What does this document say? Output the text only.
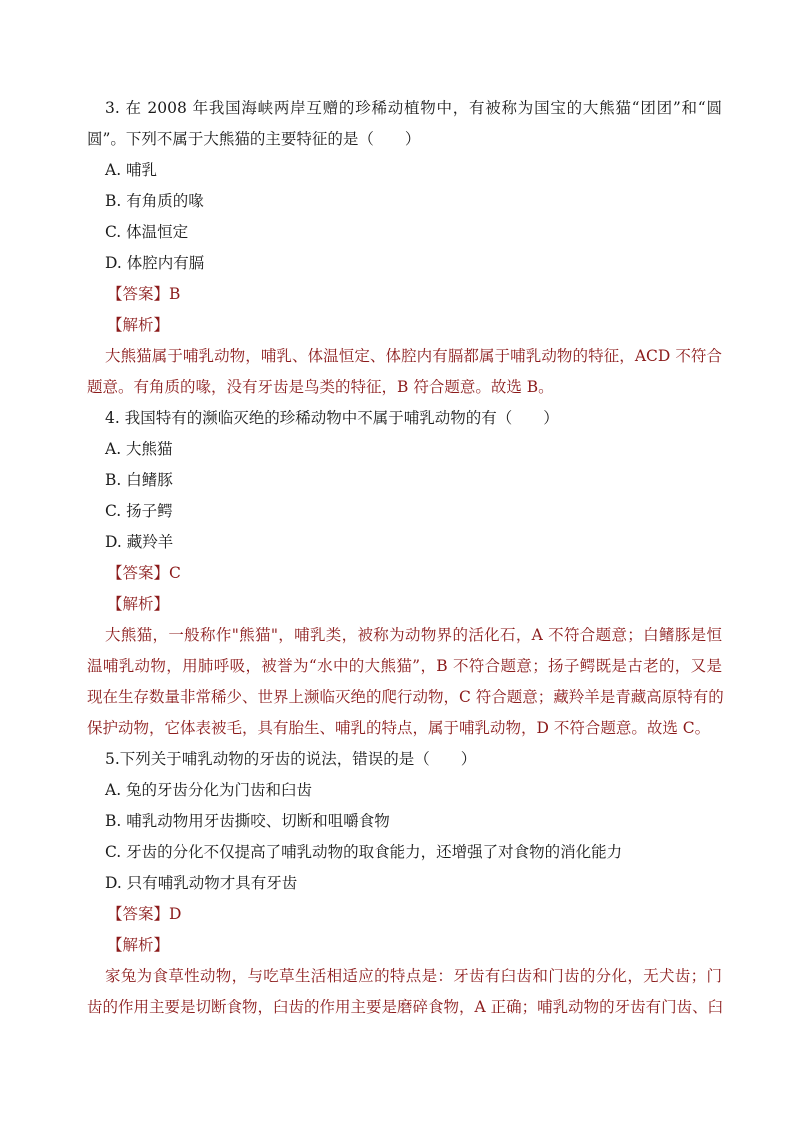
3. 在 2008 年我国海峡两岸互赠的珍稀动植物中，有被称为国宝的大熊猫“团团”和“圆
圆”。下列不属于大熊猫的主要特征的是（　　）
A. 哺乳
B. 有角质的喙
C. 体温恒定
D. 体腔内有膈
【答案】B
【解析】
大熊猫属于哺乳动物，哺乳、体温恒定、体腔内有膈都属于哺乳动物的特征，ACD 不符合
题意。有角质的喙，没有牙齿是鸟类的特征，B 符合题意。故选 B。
4. 我国特有的濒临灭绝的珍稀动物中不属于哺乳动物的有（　　）
A. 大熊猫
B. 白鳍豚
C. 扬子鳄
D. 藏羚羊
【答案】C
【解析】
大熊猫，一般称作"熊猫"，哺乳类，被称为动物界的活化石，A 不符合题意；白鳍豚是恒
温哺乳动物，用肺呼吸，被誉为“水中的大熊猫”，B 不符合题意；扬子鳄既是古老的，又是
现在生存数量非常稀少、世界上濒临灭绝的爬行动物，C 符合题意；藏羚羊是青藏高原特有的
保护动物，它体表被毛，具有胎生、哺乳的特点，属于哺乳动物，D 不符合题意。故选 C。
5.下列关于哺乳动物的牙齿的说法，错误的是（　　）
A. 兔的牙齿分化为门齿和臼齿
B. 哺乳动物用牙齿撕咬、切断和咀嚼食物
C. 牙齿的分化不仅提高了哺乳动物的取食能力，还增强了对食物的消化能力
D. 只有哺乳动物才具有牙齿
【答案】D
【解析】
家兔为食草性动物，与吃草生活相适应的特点是：牙齿有臼齿和门齿的分化，无犬齿；门
齿的作用主要是切断食物，臼齿的作用主要是磨碎食物，A 正确；哺乳动物的牙齿有门齿、臼
